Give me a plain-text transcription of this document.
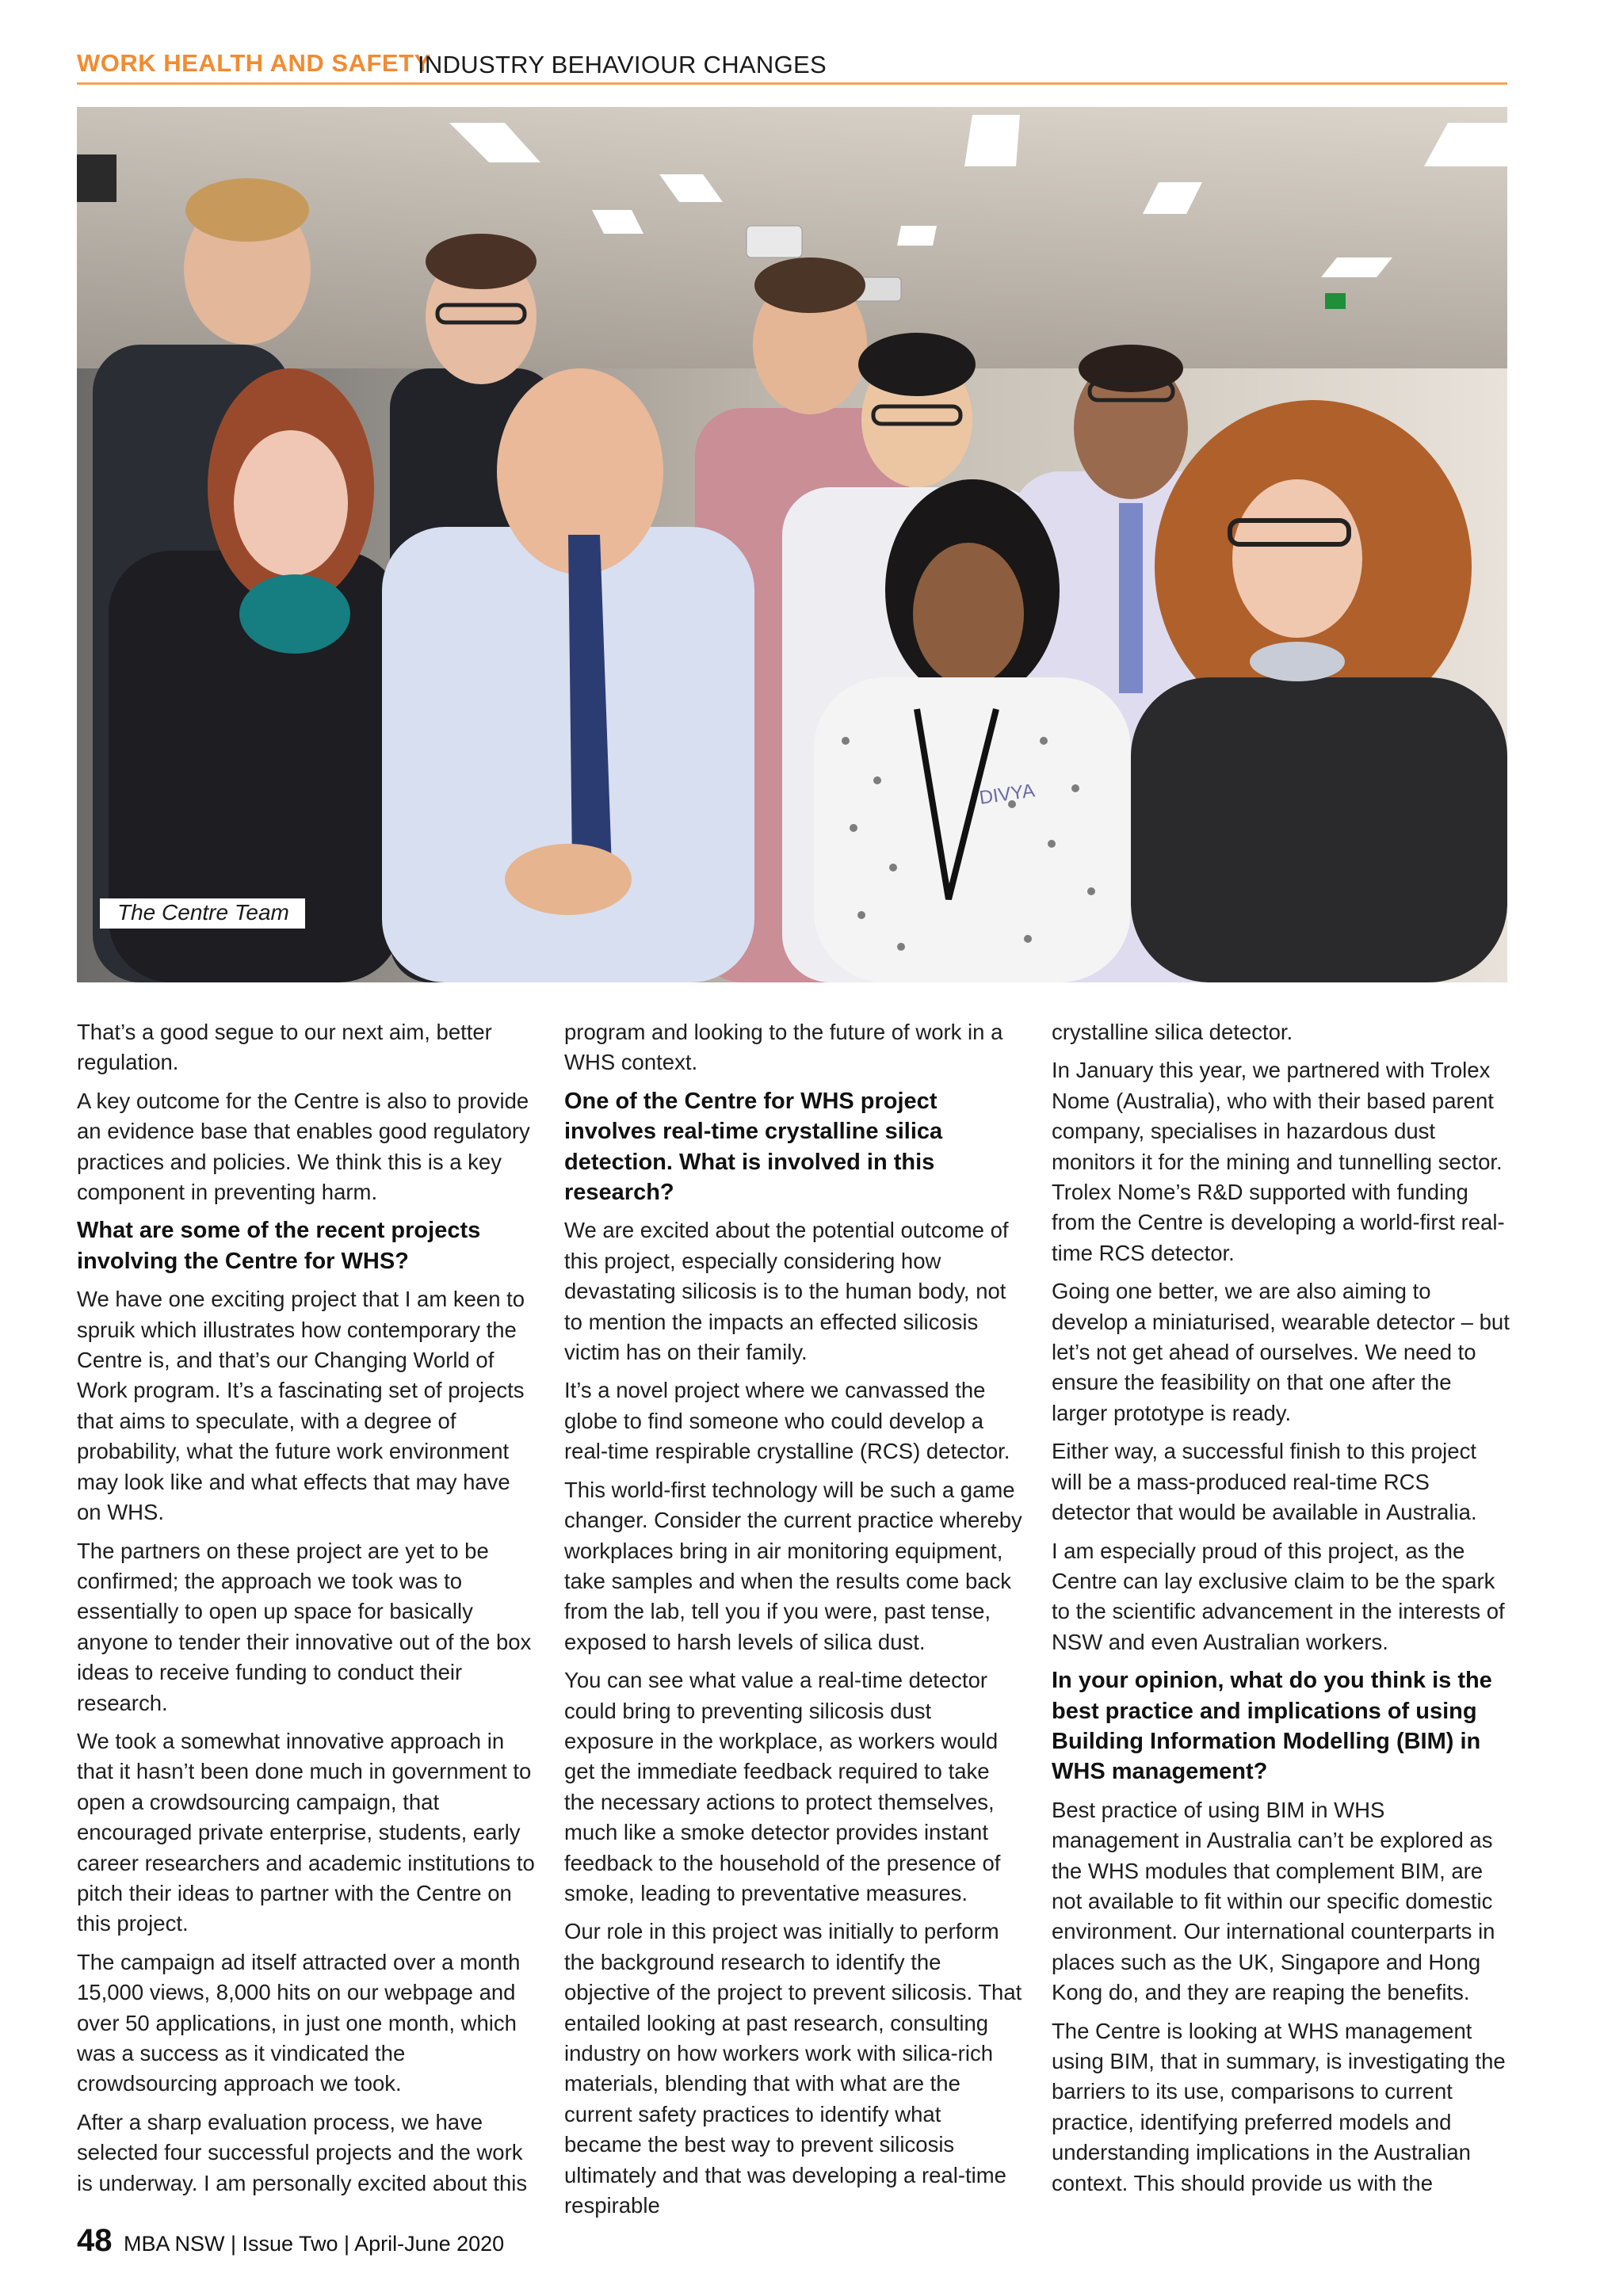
WORK HEALTH AND SAFETY
INDUSTRY BEHAVIOUR CHANGES
DIVYA
The Centre Team

That’s a good segue to our next aim, better regulation.

A key outcome for the Centre is also to provide an evidence base that enables good regulatory practices and policies. We think this is a key component in preventing harm.

What are some of the recent projects involving the Centre for WHS?

We have one exciting project that I am keen to spruik which illustrates how contemporary the Centre is, and that’s our Changing World of Work program. It’s a fascinating set of projects that aims to speculate, with a degree of probability, what the future work environment may look like and what effects that may have on WHS.

The partners on these project are yet to be confirmed; the approach we took was to essentially to open up space for basically anyone to tender their innovative out of the box ideas to receive funding to conduct their research.

We took a somewhat innovative approach in that it hasn’t been done much in government to open a crowdsourcing campaign, that encouraged private enterprise, students, early career researchers and academic institutions to pitch their ideas to partner with the Centre on this project.

The campaign ad itself attracted over a month 15,000 views, 8,000 hits on our webpage and over 50 applications, in just one month, which was a success as it vindicated the crowdsourcing approach we took.

After a sharp evaluation process, we have selected four successful projects and the work is underway. I am personally excited about this

program and looking to the future of work in a WHS context.

One of the Centre for WHS project involves real-time crystalline silica detection. What is involved in this research?

We are excited about the potential outcome of this project, especially considering how devastating silicosis is to the human body, not to mention the impacts an effected silicosis victim has on their family.

It’s a novel project where we canvassed the globe to find someone who could develop a real-time respirable crystalline (RCS) detector.

This world-first technology will be such a game changer. Consider the current practice whereby workplaces bring in air monitoring equipment, take samples and when the results come back from the lab, tell you if you were, past tense, exposed to harsh levels of silica dust.

You can see what value a real-time detector could bring to preventing silicosis dust exposure in the workplace, as workers would get the immediate feedback required to take the necessary actions to protect themselves, much like a smoke detector provides instant feedback to the household of the presence of smoke, leading to preventative measures.

Our role in this project was initially to perform the background research to identify the objective of the project to prevent silicosis. That entailed looking at past research, consulting industry on how workers work with silica-rich materials, blending that with what are the current safety practices to identify what became the best way to prevent silicosis ultimately and that was developing a real-time respirable

crystalline silica detector.

In January this year, we partnered with Trolex Nome (Australia), who with their based parent company, specialises in hazardous dust monitors it for the mining and tunnelling sector. Trolex Nome’s R&D supported with funding from the Centre is developing a world-first real-time RCS detector.

Going one better, we are also aiming to develop a miniaturised, wearable detector – but let’s not get ahead of ourselves. We need to ensure the feasibility on that one after the larger prototype is ready.

Either way, a successful finish to this project will be a mass-produced real-time RCS detector that would be available in Australia.

I am especially proud of this project, as the Centre can lay exclusive claim to be the spark to the scientific advancement in the interests of NSW and even Australian workers.

In your opinion, what do you think is the best practice and implications of using Building Information Modelling (BIM) in WHS management?

Best practice of using BIM in WHS management in Australia can’t be explored as the WHS modules that complement BIM, are not available to fit within our specific domestic environment. Our international counterparts in places such as the UK, Singapore and Hong Kong do, and they are reaping the benefits.

The Centre is looking at WHS management using BIM, that in summary, is investigating the barriers to its use, comparisons to current practice, identifying preferred models and understanding implications in the Australian context. This should provide us with the

48 MBA NSW | Issue Two | April-June 2020
